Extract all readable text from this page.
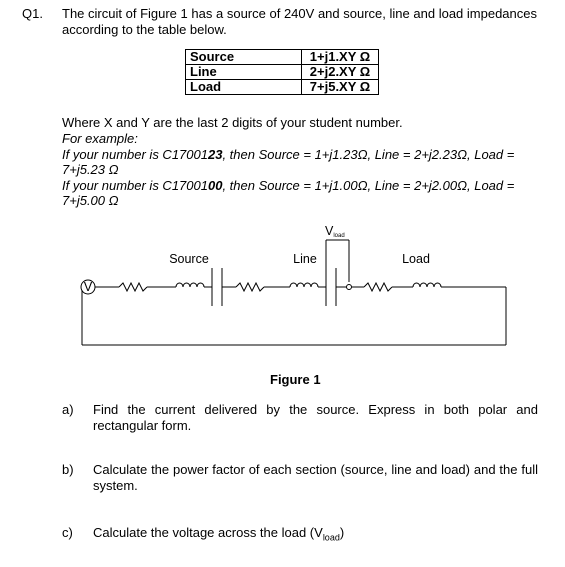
Q1. The circuit of Figure 1 has a source of 240V and source, line and load impedances according to the table below.
Source	1+j1.XY Ω
Line	2+j2.XY Ω
Load	7+j5.XY Ω
Where X and Y are the last 2 digits of your student number.
For example:
If your number is C1700123, then Source = 1+j1.23Ω, Line = 2+j2.23Ω, Load =
7+j5.23 Ω
If your number is C1700100, then Source = 1+j1.00Ω, Line = 2+j2.00Ω, Load =
7+j5.00 Ω
V
Source	Line	Load
Vload
Figure 1
a) Find the current delivered by the source. Express in both polar and rectangular form.
b) Calculate the power factor of each section (source, line and load) and the full system.
c) Calculate the voltage across the load $(V_{load})$
